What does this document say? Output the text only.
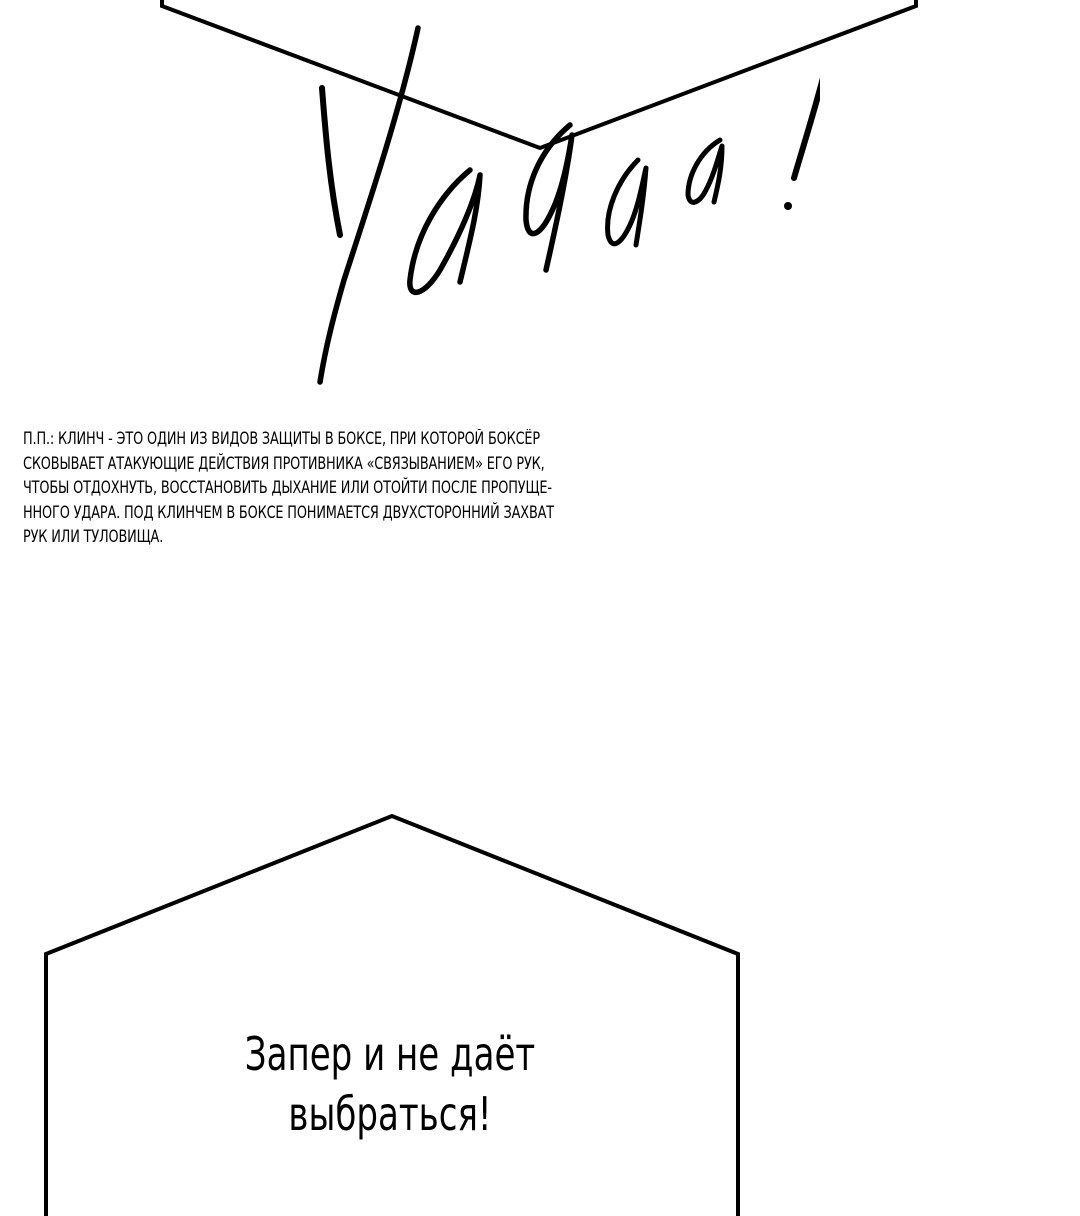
П.П.: КЛИНЧ - ЭТО ОДИН ИЗ ВИДОВ ЗАЩИТЫ В БОКСЕ, ПРИ КОТОРОЙ БОКСЁР
СКОВЫВАЕТ АТАКУЮЩИЕ ДЕЙСТВИЯ ПРОТИВНИКА «СВЯЗЫВАНИЕМ» ЕГО РУК,
ЧТОБЫ ОТДОХНУТЬ, ВОССТАНОВИТЬ ДЫХАНИЕ ИЛИ ОТОЙТИ ПОСЛЕ ПРОПУЩЕ-
ННОГО УДАРА. ПОД КЛИНЧЕМ В БОКСЕ ПОНИМАЕТСЯ ДВУХСТОРОННИЙ ЗАХВАТ
РУК ИЛИ ТУЛОВИЩА.
Запер и не даёт
выбраться!
